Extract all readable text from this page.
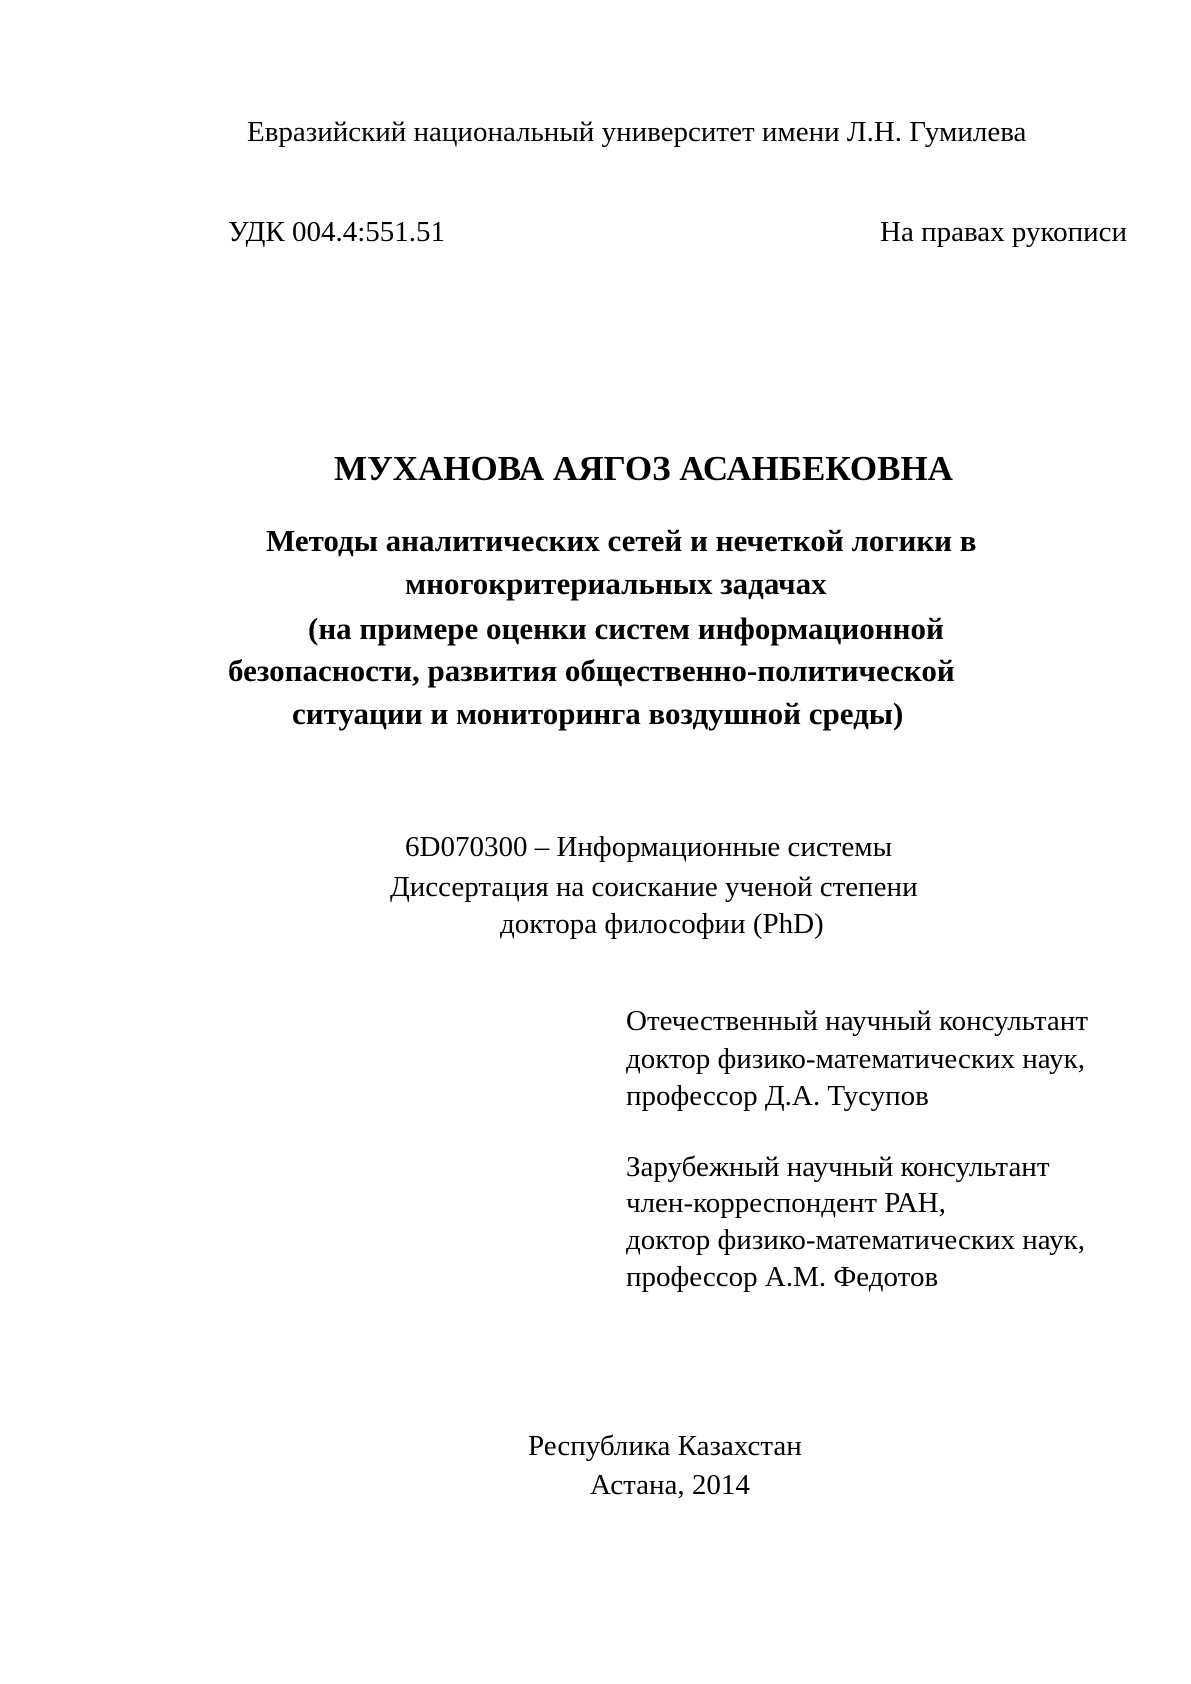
Евразийский национальный университет имени Л.Н. Гумилева
УДК 004.4:551.51	На правах рукописи
МУХАНОВА АЯГОЗ АСАНБЕКОВНА
Методы аналитических сетей и нечеткой логики в
многокритериальных задачах
(на примере оценки систем информационной
безопасности, развития общественно-политической
ситуации и мониторинга воздушной среды)
6D070300 – Информационные системы
Диссертация на соискание ученой степени
доктора философии (PhD)
Отечественный научный консультант
доктор физико-математических наук,
профессор Д.А. Тусупов
Зарубежный научный консультант
член-корреспондент РАН,
доктор физико-математических наук,
профессор А.М. Федотов
Республика Казахстан
Астана, 2014
